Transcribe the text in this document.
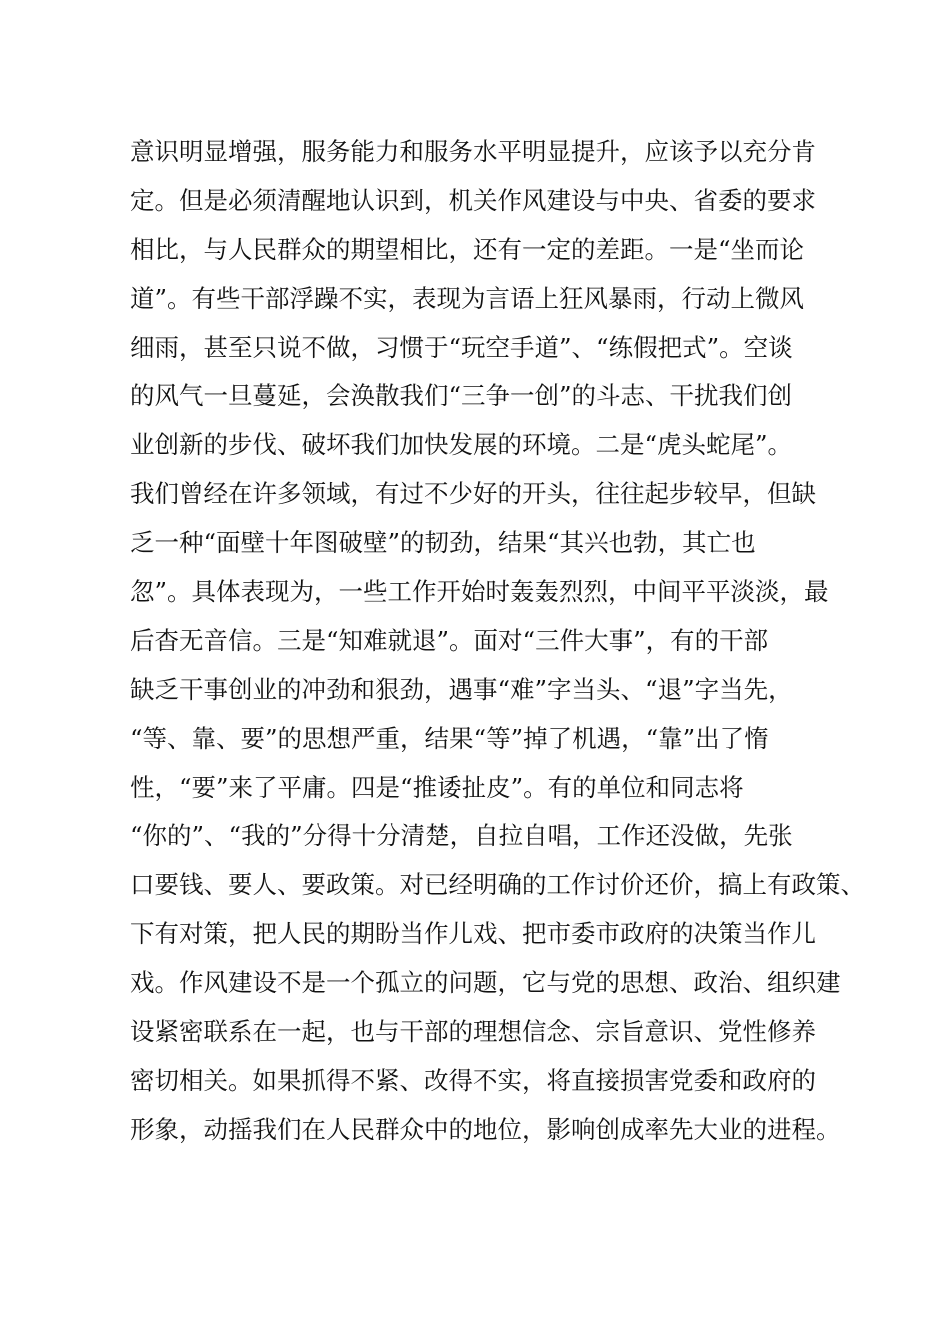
意识明显增强，服务能力和服务水平明显提升，应该予以充分肯
定。但是必须清醒地认识到，机关作风建设与中央、省委的要求
相比，与人民群众的期望相比，还有一定的差距。一是“坐而论
道”。有些干部浮躁不实，表现为言语上狂风暴雨，行动上微风
细雨，甚至只说不做，习惯于“玩空手道”、“练假把式”。空谈
的风气一旦蔓延，会涣散我们“三争一创”的斗志、干扰我们创
业创新的步伐、破坏我们加快发展的环境。二是“虎头蛇尾”。
我们曾经在许多领域，有过不少好的开头，往往起步较早，但缺
乏一种“面壁十年图破壁”的韧劲，结果“其兴也勃，其亡也
忽”。具体表现为，一些工作开始时轰轰烈烈，中间平平淡淡，最
后杳无音信。三是“知难就退”。面对“三件大事”，有的干部
缺乏干事创业的冲劲和狠劲，遇事“难”字当头、“退”字当先，
“等、靠、要”的思想严重，结果“等”掉了机遇，“靠”出了惰
性，“要”来了平庸。四是“推诿扯皮”。有的单位和同志将
“你的”、“我的”分得十分清楚，自拉自唱，工作还没做，先张
口要钱、要人、要政策。对已经明确的工作讨价还价，搞上有政策、
下有对策，把人民的期盼当作儿戏、把市委市政府的决策当作儿
戏。作风建设不是一个孤立的问题，它与党的思想、政治、组织建
设紧密联系在一起，也与干部的理想信念、宗旨意识、党性修养
密切相关。如果抓得不紧、改得不实，将直接损害党委和政府的
形象，动摇我们在人民群众中的地位，影响创成率先大业的进程。
